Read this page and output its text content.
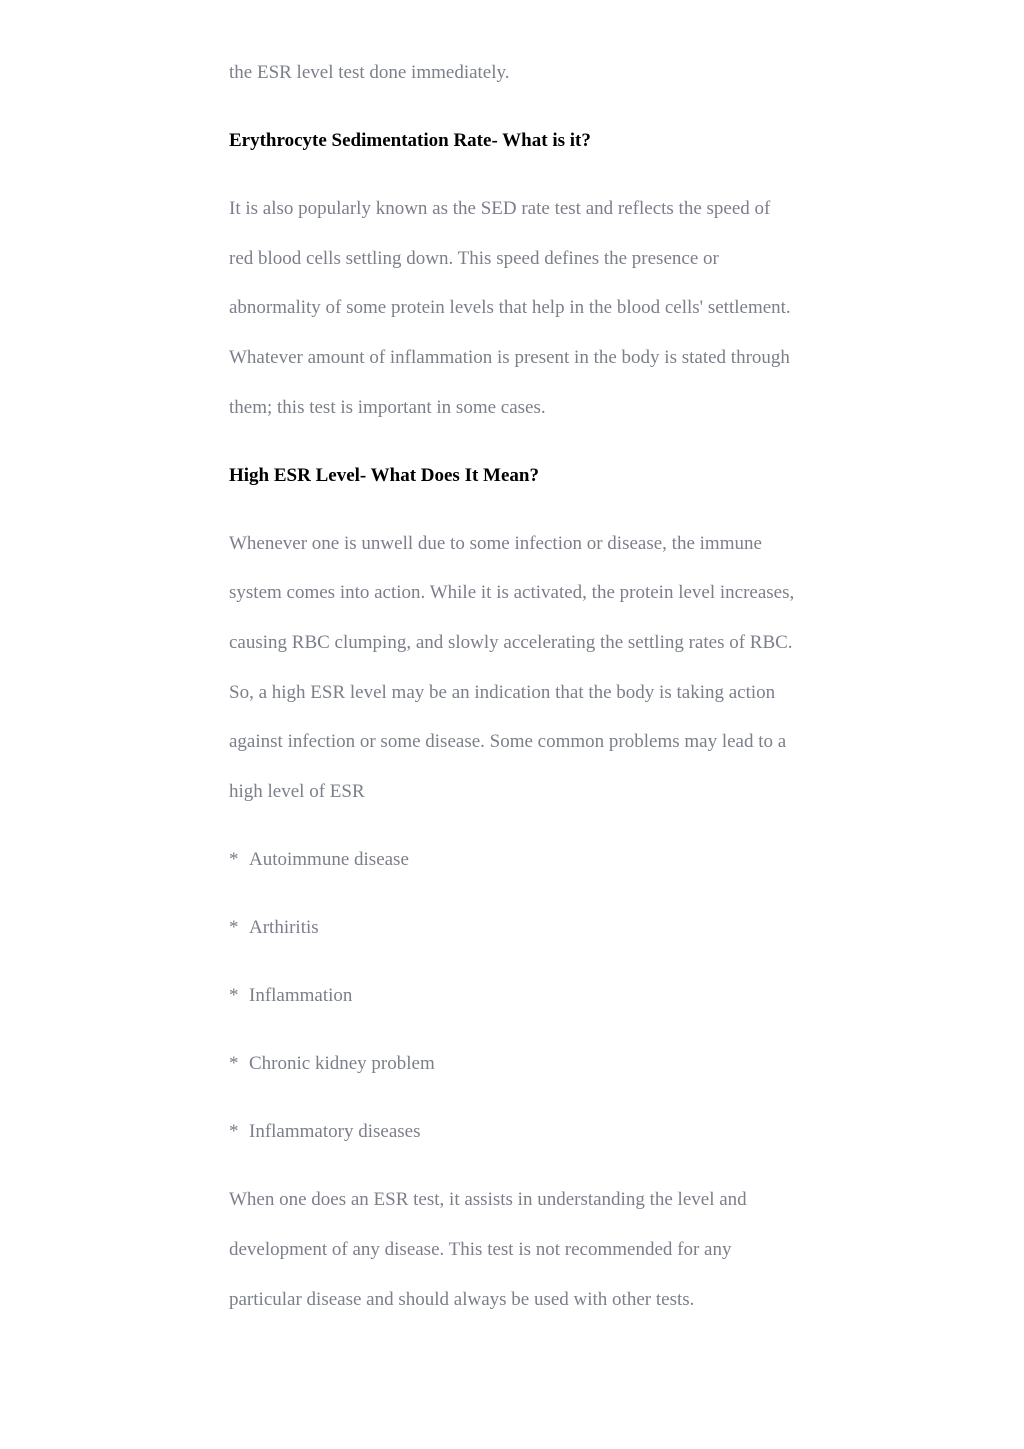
the ESR level test done immediately.

Erythrocyte Sedimentation Rate- What is it?

It is also popularly known as the SED rate test and reflects the speed of

red blood cells settling down. This speed defines the presence or

abnormality of some protein levels that help in the blood cells' settlement.

Whatever amount of inflammation is present in the body is stated through

them; this test is important in some cases.

High ESR Level- What Does It Mean?

Whenever one is unwell due to some infection or disease, the immune

system comes into action. While it is activated, the protein level increases,

causing RBC clumping, and slowly accelerating the settling rates of RBC.

So, a high ESR level may be an indication that the body is taking action

against infection or some disease. Some common problems may lead to a

high level of ESR

* Autoimmune disease
* Arthiritis
* Inflammation
* Chronic kidney problem
* Inflammatory diseases

When one does an ESR test, it assists in understanding the level and

development of any disease. This test is not recommended for any

particular disease and should always be used with other tests.
